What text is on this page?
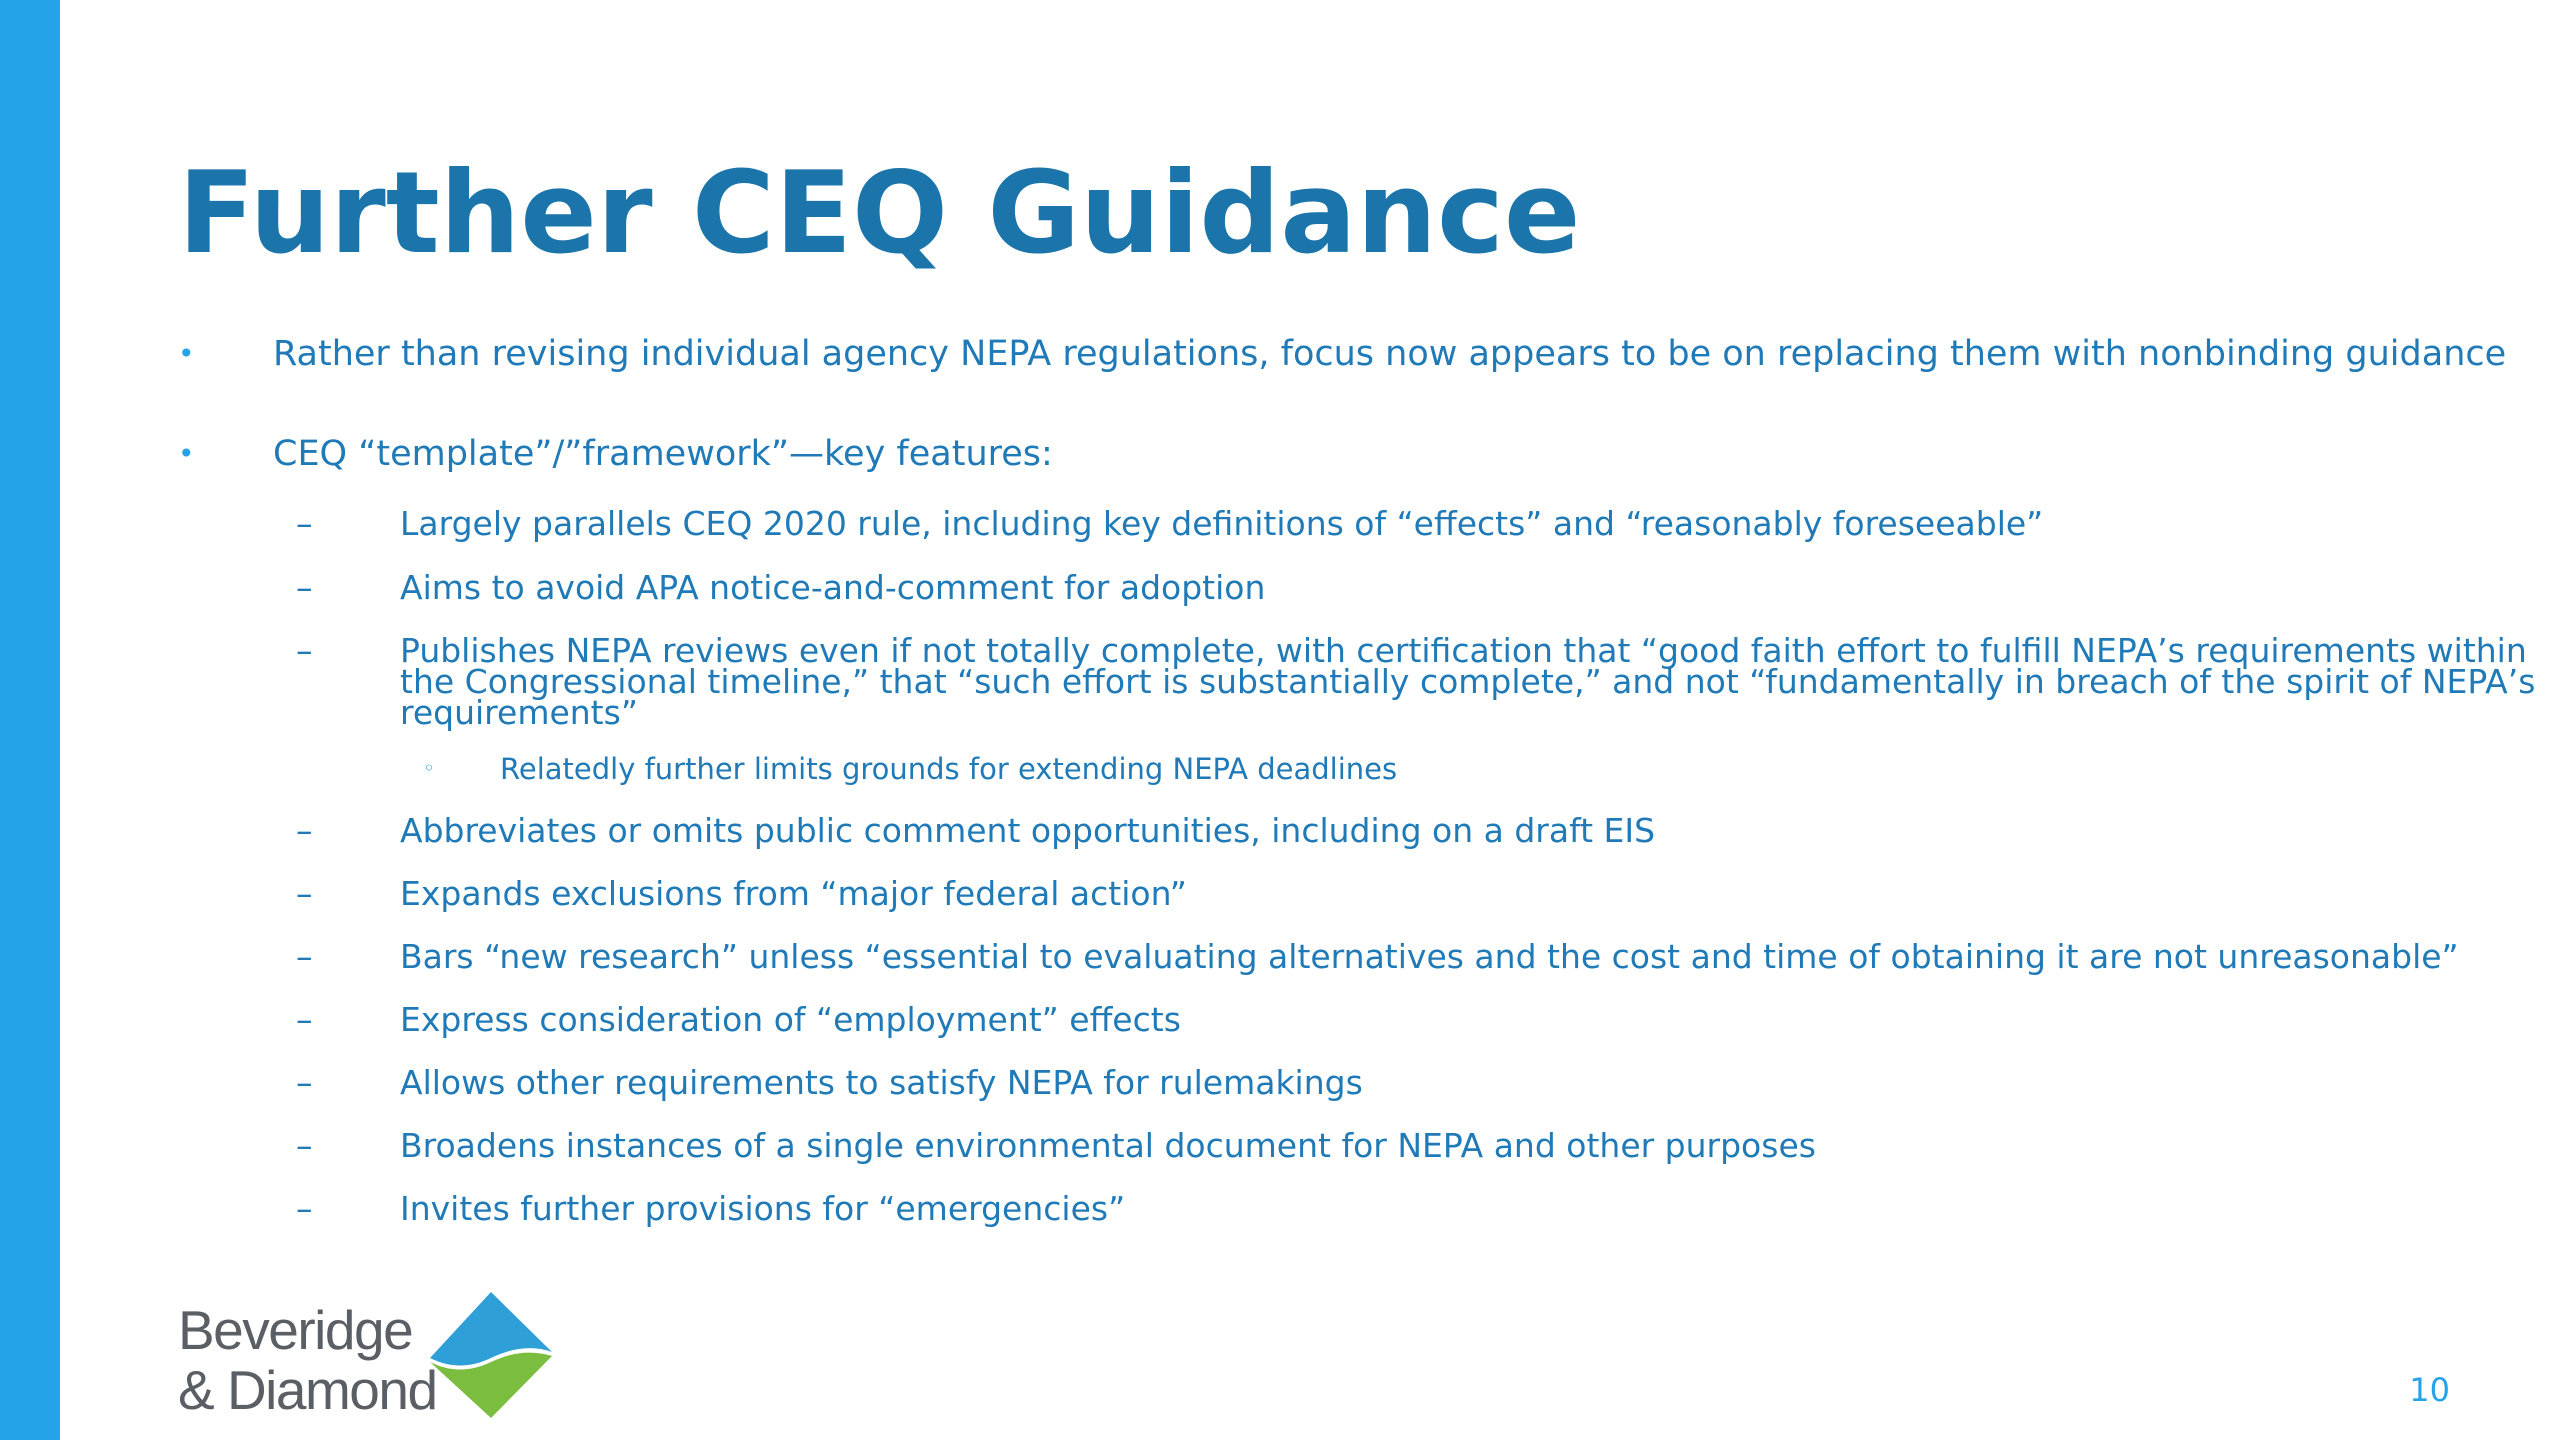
Further CEQ Guidance
• Rather than revising individual agency NEPA regulations, focus now appears to be on replacing them with nonbinding guidance
• CEQ “template”/”framework”—key features:
–	Largely parallels CEQ 2020 rule, including key definitions of “effects” and “reasonably foreseeable”
–	Aims to avoid APA notice-and-comment for adoption
–	Publishes NEPA reviews even if not totally complete, with certification that “good faith effort to fulfill NEPA’s requirements within the Congressional timeline,” that “such effort is substantially complete,” and not “fundamentally in breach of the spirit of NEPA’s requirements”
◦ Relatedly further limits grounds for extending NEPA deadlines
–	Abbreviates or omits public comment opportunities, including on a draft EIS
–	Expands exclusions from “major federal action”
–	Bars “new research” unless “essential to evaluating alternatives and the cost and time of obtaining it are not unreasonable”
–	Express consideration of “employment” effects
–	Allows other requirements to satisfy NEPA for rulemakings
–	Broadens instances of a single environmental document for NEPA and other purposes
–	Invites further provisions for “emergencies”
Beveridge
& Diamond	10
